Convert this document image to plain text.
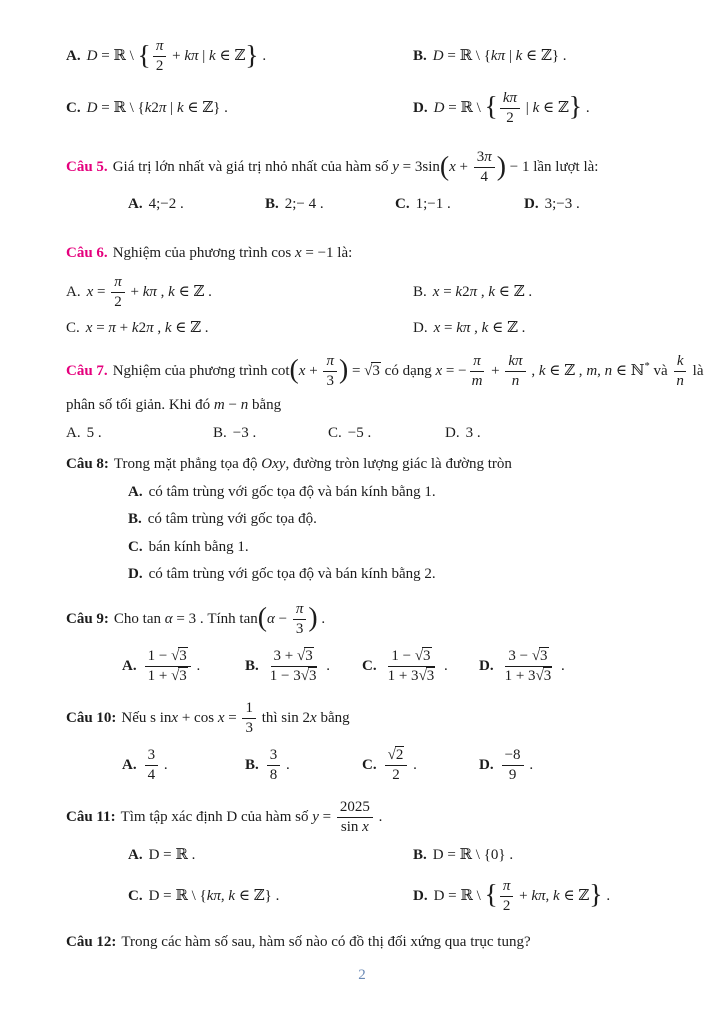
A. D = ℝ \ { $\frac{\pi}{2} + k\pi$ | k ∈ ℤ} .	B. D = ℝ \ {kπ | k ∈ ℤ} .
C. D = ℝ \ {k2π | k ∈ ℤ} .	D. D = ℝ \ { $\frac{k\pi}{2}$ | k ∈ ℤ} .
Câu 5. Giá trị lớn nhất và giá trị nhỏ nhất của hàm số $y = 3\sin(x + \frac{3\pi}{4}$ ) − 1 lần lượt là:
A. 4;−2 .	B. 2;− 4 .	C. 1;−1 .	D. 3;−3 .
Câu 6. Nghiệm của phương trình cos x = −1 là:
A. $x = \frac{\pi}{2} + k\pi$ , k ∈ ℤ .	B. x = k2π , k ∈ ℤ .
C. x = π + k2π , k ∈ ℤ .	D. x = kπ , k ∈ ℤ .
Câu 7. Nghiệm của phương trình $\cot(x + \frac{\pi}{3}$ ) = √3 có dạng x = − $\frac{\pi}{m} + \frac{k\pi}{n}$ , k ∈ ℤ , m, n ∈ ℕ* và $\frac{k}{n}$ là
phân số tối giản. Khi đó m − n bằng
A. 5 .	B. −3 .	C. −5 .	D. 3 .
Câu 8: Trong mặt phẳng tọa độ Oxy, đường tròn lượng giác là đường tròn
A. có tâm trùng với gốc tọa độ và bán kính bằng 1.
B. có tâm trùng với gốc tọa độ.
C. bán kính bằng 1.
D. có tâm trùng với gốc tọa độ và bán kính bằng 2.
Câu 9: Cho tan α = 3 . Tính $\tan(\alpha - \frac{\pi}{3}$ ) .
A. $\frac{1 - √3}{1 + √3}$ .	B. $\frac{3 + √3}{1 - 3√3}$ .	C. $\frac{1 - √3}{1 + 3√3}$ .	D. $\frac{3 - √3}{1 + 3√3}$ .
Câu 10: Nếu s inx + $\cos x = \frac{1}{3}$ thì sin 2x bằng
A. $\frac{3}{4}$ .	B. $\frac{3}{8}$ .	C. $\frac{√2}{2}$ .	D. $\frac{-8}{9}$ .
Câu 11: Tìm tập xác định D của hàm số $y = \frac{2025}{\text{sin x}}$ .
A. D = ℝ .	B. D = ℝ \ {0} .
C. D = ℝ \ {kπ, k ∈ ℤ} .	D. D = ℝ \ { $\frac{\pi}{2} + k\pi$, k ∈ ℤ} .
Câu 12: Trong các hàm số sau, hàm số nào có đồ thị đối xứng qua trục tung?
2
